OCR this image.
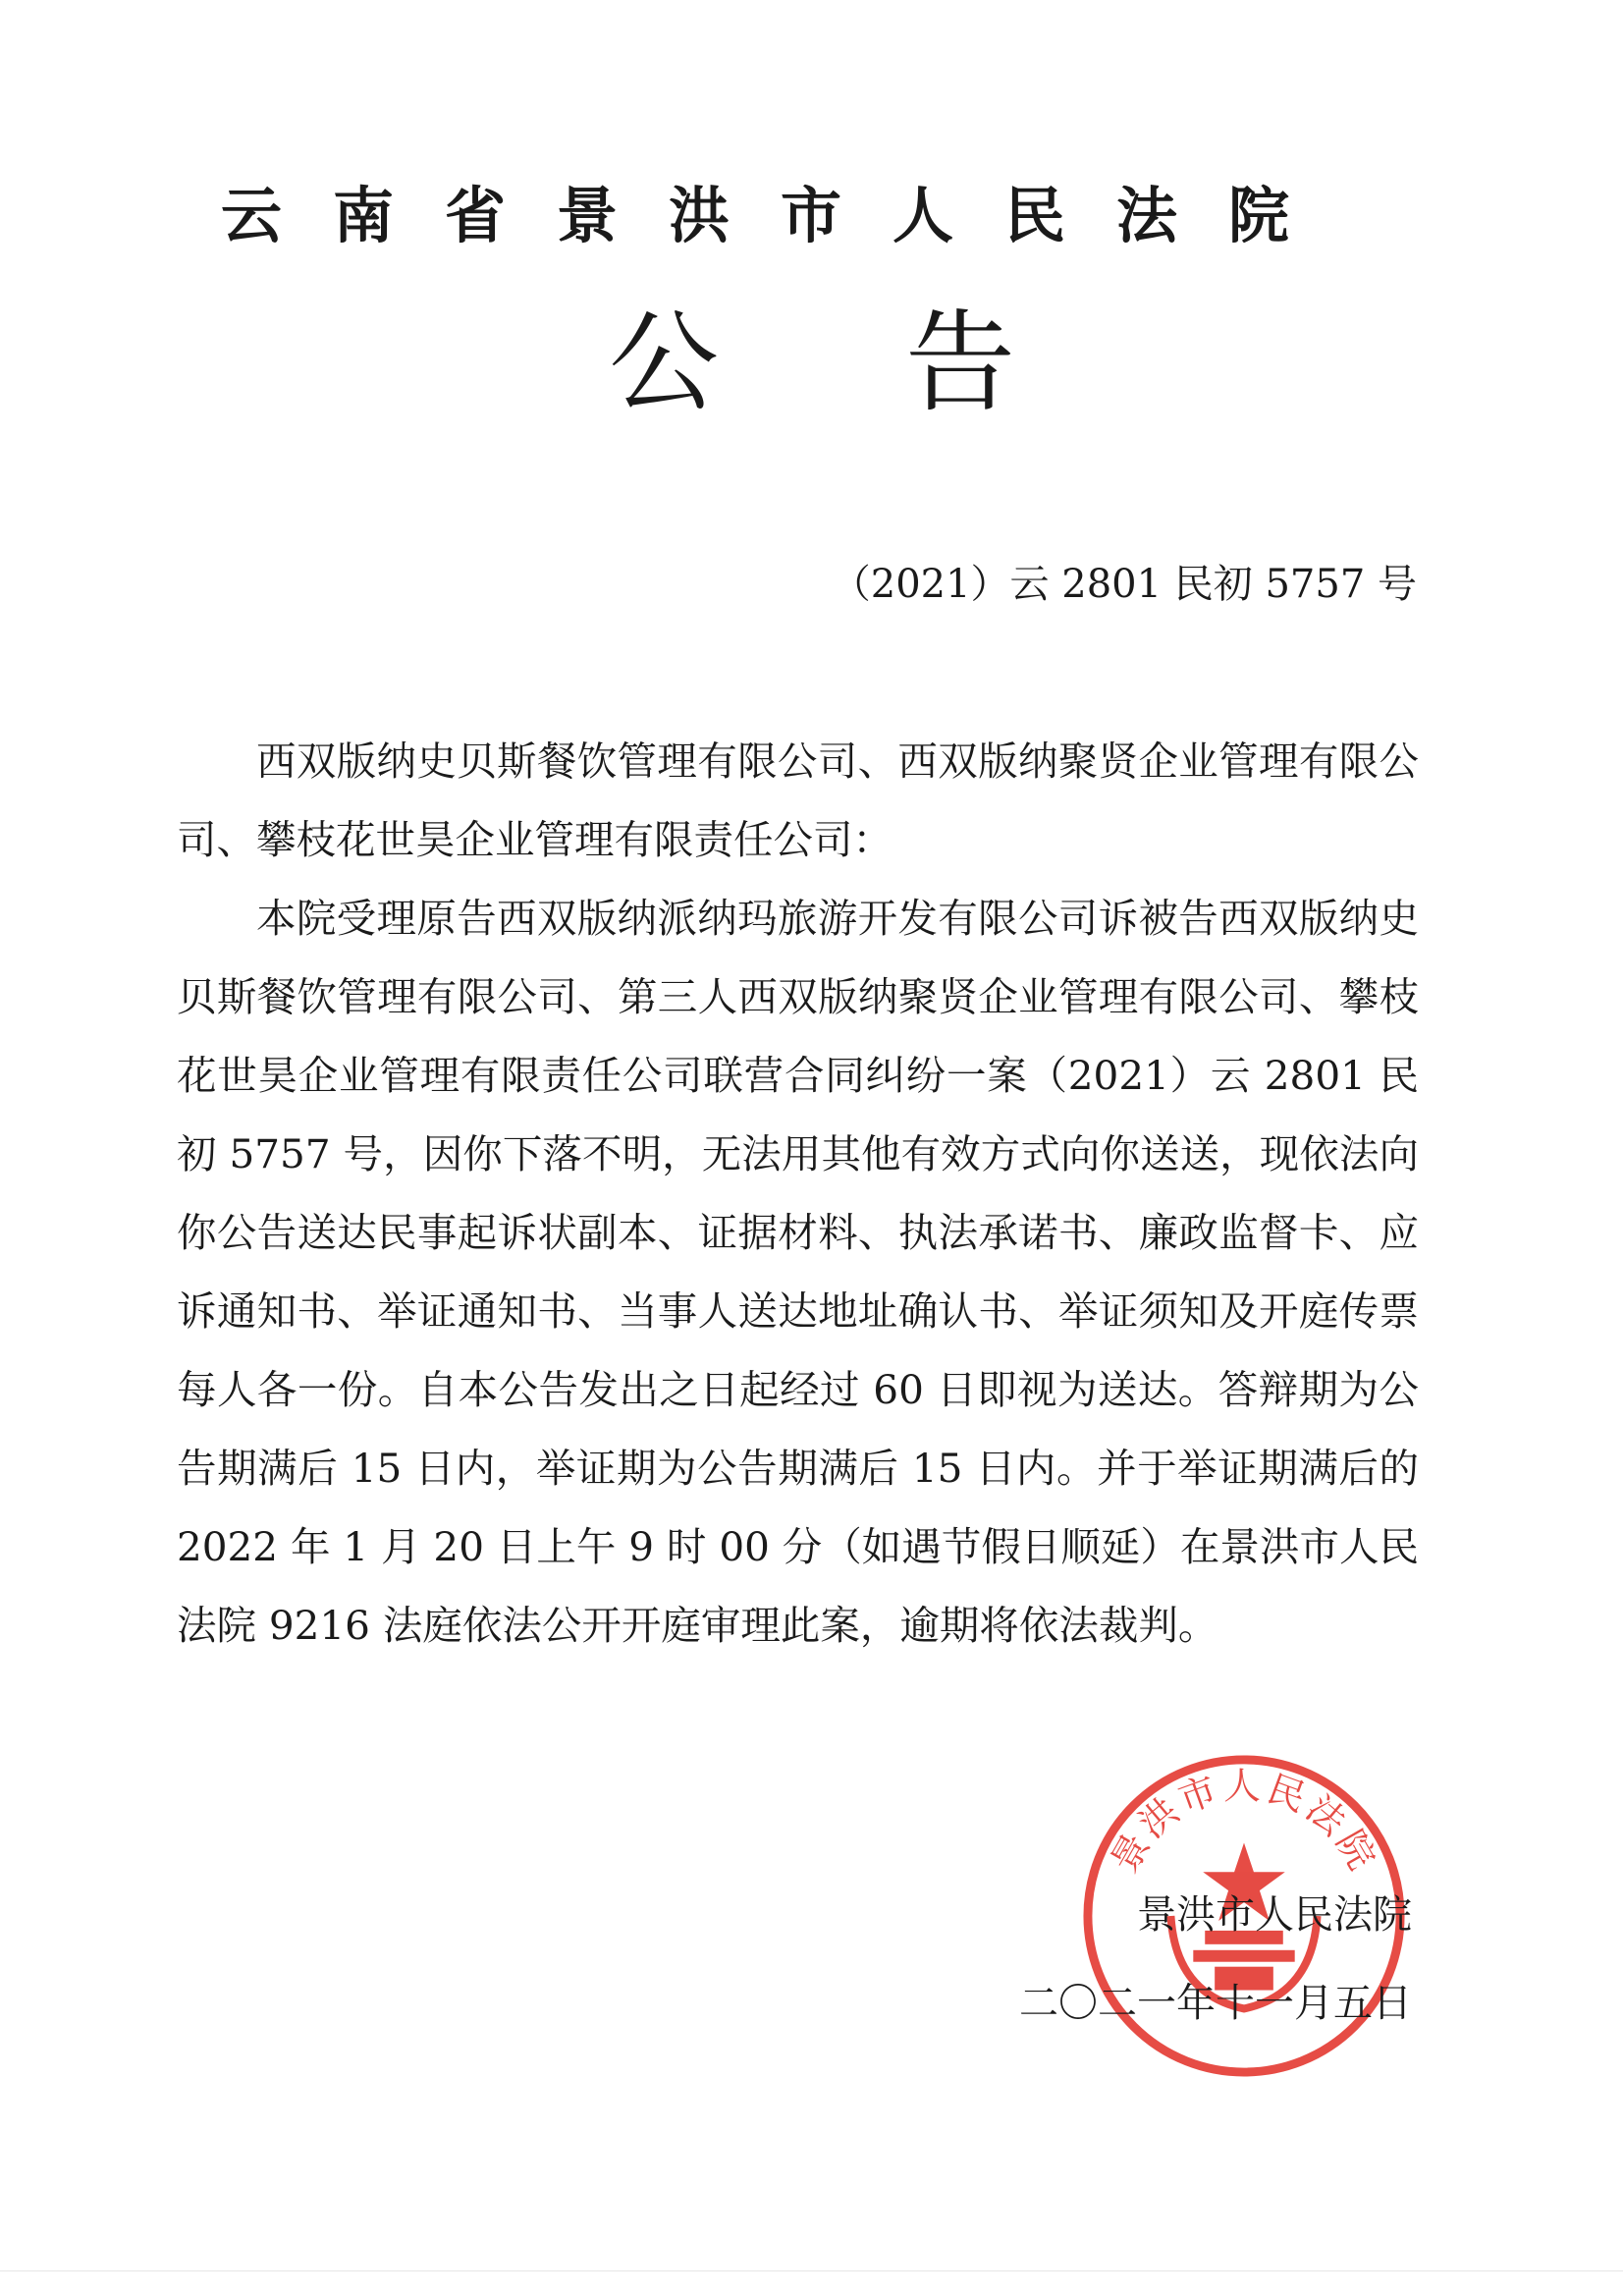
云南省景洪市人民法院
公告
（2021）云 2801 民初 5757 号

西双版纳史贝斯餐饮管理有限公司、西双版纳聚贤企业管理有限公司、攀枝花世昊企业管理有限责任公司：

本院受理原告西双版纳派纳玛旅游开发有限公司诉被告西双版纳史贝斯餐饮管理有限公司、第三人西双版纳聚贤企业管理有限公司、攀枝花世昊企业管理有限责任公司联营合同纠纷一案（2021）云 2801 民初 5757 号，因你下落不明，无法用其他有效方式向你送送，现依法向你公告送达民事起诉状副本、证据材料、执法承诺书、廉政监督卡、应诉通知书、举证通知书、当事人送达地址确认书、举证须知及开庭传票每人各一份。自本公告发出之日起经过 60 日即视为送达。答辩期为公告期满后 15 日内，举证期为公告期满后 15 日内。并于举证期满后的 2022 年 1 月 20 日上午 9 时 00 分（如遇节假日顺延）在景洪市人民法院 9216 法庭依法公开开庭审理此案，逾期将依法裁判。

景洪市人民法院
景洪市人民法院
二〇二一年十一月五日
